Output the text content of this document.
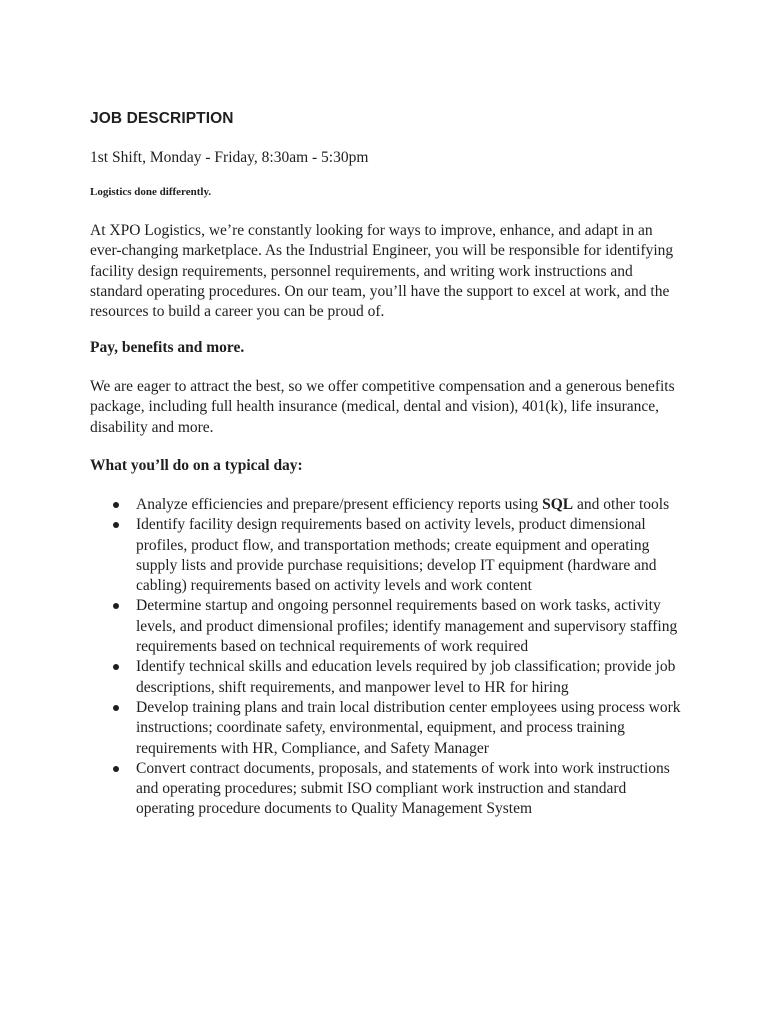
JOB DESCRIPTION
1st Shift, Monday - Friday, 8:30am - 5:30pm
Logistics done differently.

At XPO Logistics, we’re constantly looking for ways to improve, enhance, and adapt in an ever-changing marketplace. As the Industrial Engineer, you will be responsible for identifying facility design requirements, personnel requirements, and writing work instructions and standard operating procedures. On our team, you’ll have the support to excel at work, and the resources to build a career you can be proud of.

Pay, benefits and more.

We are eager to attract the best, so we offer competitive compensation and a generous benefits package, including full health insurance (medical, dental and vision), 401(k), life insurance, disability and more.

What you’ll do on a typical day:
Analyze efficiencies and prepare/present efficiency reports using SQL and other tools
Identify facility design requirements based on activity levels, product dimensional profiles, product flow, and transportation methods; create equipment and operating supply lists and provide purchase requisitions; develop IT equipment (hardware and cabling) requirements based on activity levels and work content
Determine startup and ongoing personnel requirements based on work tasks, activity levels, and product dimensional profiles; identify management and supervisory staffing requirements based on technical requirements of work required
Identify technical skills and education levels required by job classification; provide job descriptions, shift requirements, and manpower level to HR for hiring
Develop training plans and train local distribution center employees using process work instructions; coordinate safety, environmental, equipment, and process training requirements with HR, Compliance, and Safety Manager
Convert contract documents, proposals, and statements of work into work instructions and operating procedures; submit ISO compliant work instruction and standard operating procedure documents to Quality Management System
